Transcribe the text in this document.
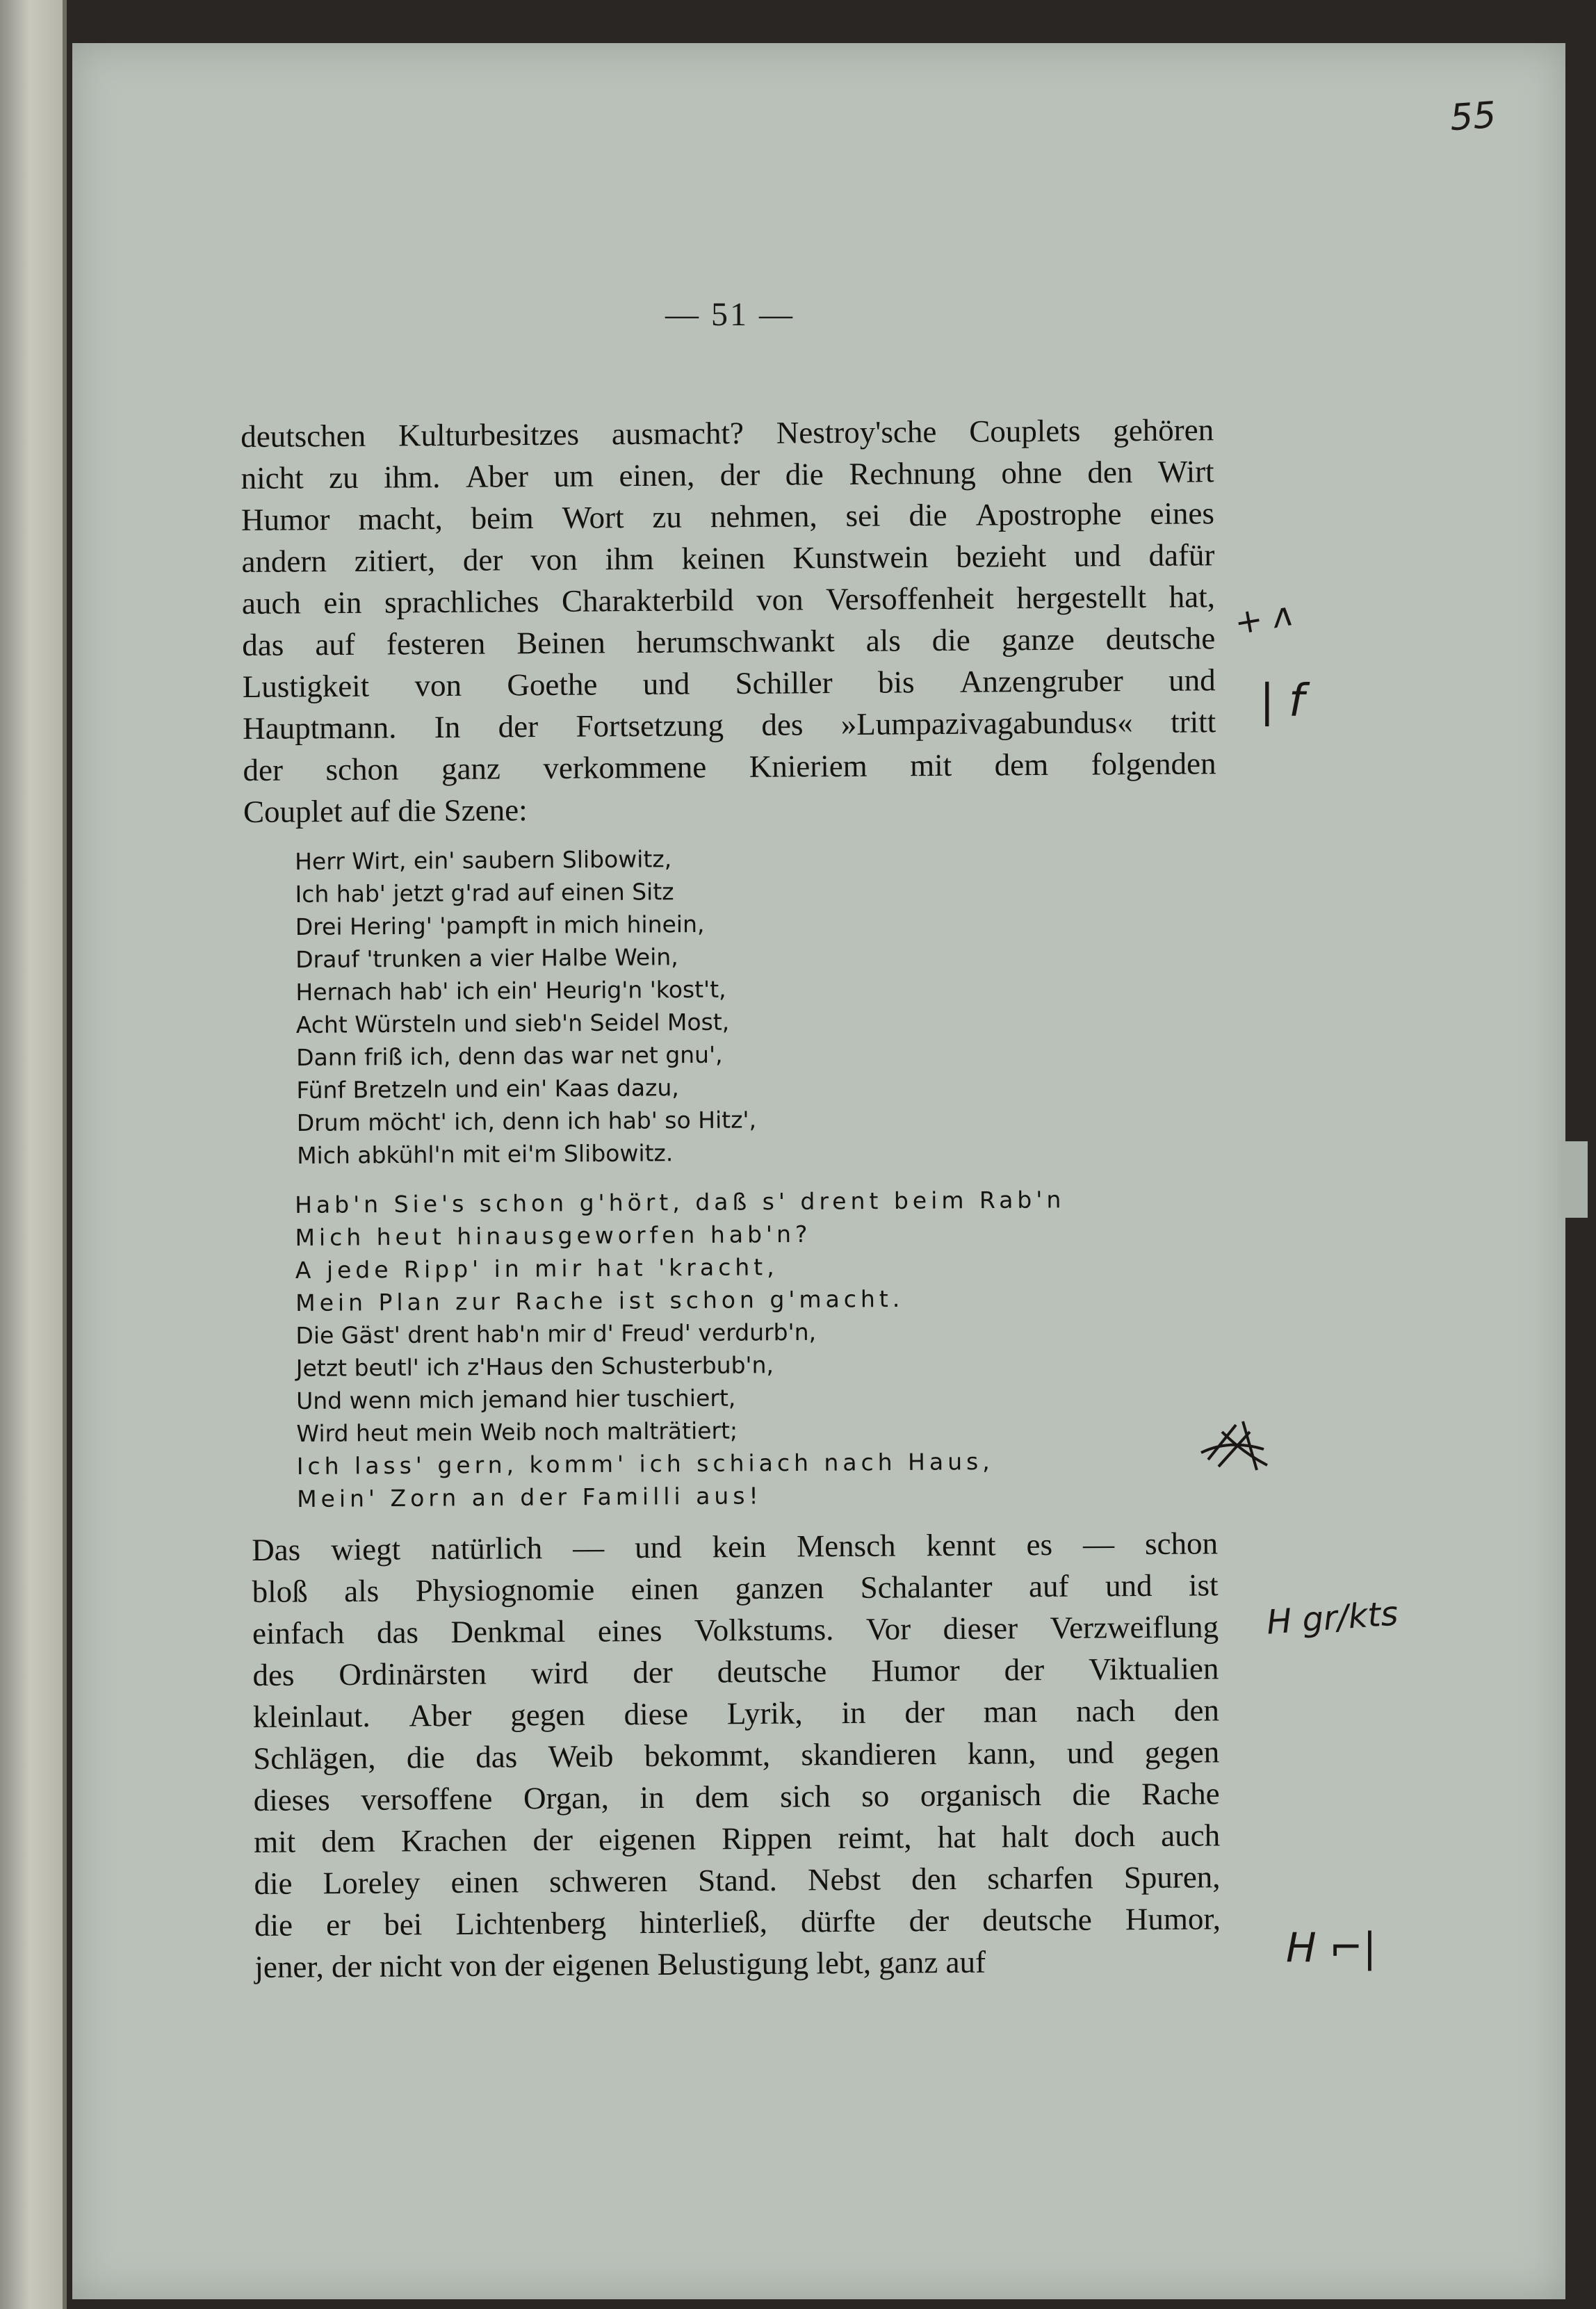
55
— 51 —
deutschen Kulturbesitzes ausmacht? Nestroy'sche Couplets gehören
nicht zu ihm. Aber um einen, der die Rechnung ohne den Wirt
Humor macht, beim Wort zu nehmen, sei die Apostrophe eines
andern zitiert, der von ihm keinen Kunstwein bezieht und dafür
auch ein sprachliches Charakterbild von Versoffenheit hergestellt hat,
das auf festeren Beinen herumschwankt als die ganze deutsche
Lustigkeit von Goethe und Schiller bis Anzengruber und
Hauptmann. In der Fortsetzung des »Lumpazivagabundus« tritt
der schon ganz verkommene Knieriem mit dem folgenden
Couplet auf die Szene:
Herr Wirt, ein' saubern Slibowitz,
Ich hab' jetzt g'rad auf einen Sitz
Drei Hering' 'pampft in mich hinein,
Drauf 'trunken a vier Halbe Wein,
Hernach hab' ich ein' Heurig'n 'kost't,
Acht Würsteln und sieb'n Seidel Most,
Dann friß ich, denn das war net gnu',
Fünf Bretzeln und ein' Kaas dazu,
Drum möcht' ich, denn ich hab' so Hitz',
Mich abkühl'n mit ei'm Slibowitz.
Hab'n Sie's schon g'hört, daß s' drent beim Rab'n
Mich heut hinausgeworfen hab'n?
A jede Ripp' in mir hat 'kracht,
Mein Plan zur Rache ist schon g'macht.
Die Gäst' drent hab'n mir d' Freud' verdurb'n,
Jetzt beutl' ich z'Haus den Schusterbub'n,
Und wenn mich jemand hier tuschiert,
Wird heut mein Weib noch malträtiert;
Ich lass' gern, komm' ich schiach nach Haus,
Mein' Zorn an der Familli aus!
Das wiegt natürlich — und kein Mensch kennt es — schon
bloß als Physiognomie einen ganzen Schalanter auf und ist
einfach das Denkmal eines Volkstums. Vor dieser Verzweiflung
des Ordinärsten wird der deutsche Humor der Viktualien
kleinlaut. Aber gegen diese Lyrik, in der man nach den
Schlägen, die das Weib bekommt, skandieren kann, und gegen
dieses versoffene Organ, in dem sich so organisch die Rache
mit dem Krachen der eigenen Rippen reimt, hat halt doch auch
die Loreley einen schweren Stand. Nebst den scharfen Spuren,
die er bei Lichtenberg hinterließ, dürfte der deutsche Humor,
jener, der nicht von der eigenen Belustigung lebt, ganz auf
+ ʌ
| f
H gr/kts
H ⌐|
